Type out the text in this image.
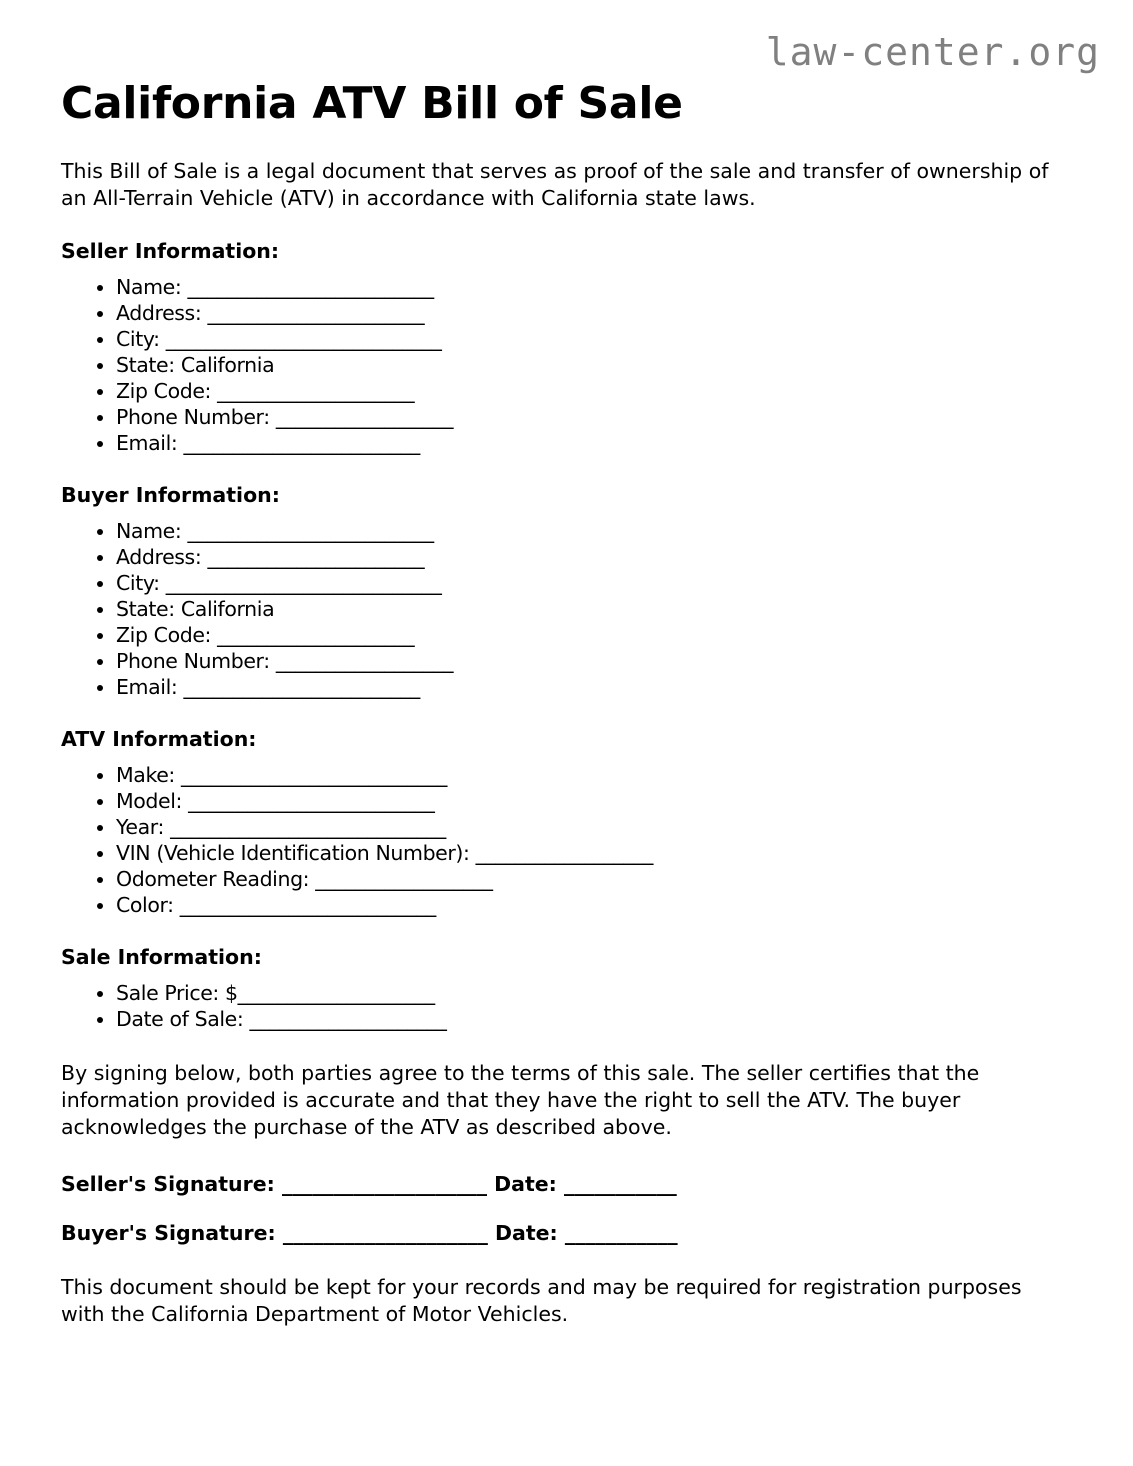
law-center.org
California ATV Bill of Sale

This Bill of Sale is a legal document that serves as proof of the sale and transfer of ownership of an All-Terrain Vehicle (ATV) in accordance with California state laws.

Seller Information:
• Name: _________________________
• Address: ______________________
• City: ____________________________
• State: California
• Zip Code: ____________________
• Phone Number: __________________
• Email: ________________________
Buyer Information:
• Name: _________________________
• Address: ______________________
• City: ____________________________
• State: California
• Zip Code: ____________________
• Phone Number: __________________
• Email: ________________________
ATV Information:
• Make: ___________________________
• Model: _________________________
• Year: ____________________________
• VIN (Vehicle Identification Number): __________________
• Odometer Reading: __________________
• Color: __________________________
Sale Information:
• Sale Price: $____________________
• Date of Sale: ____________________

By signing below, both parties agree to the terms of this sale. The seller certifies that the information provided is accurate and that they have the right to sell the ATV. The buyer acknowledges the purchase of the ATV as described above.

Seller's Signature: ____________________ Date: ___________
Buyer's Signature: ____________________ Date: ___________

This document should be kept for your records and may be required for registration purposes with the California Department of Motor Vehicles.
